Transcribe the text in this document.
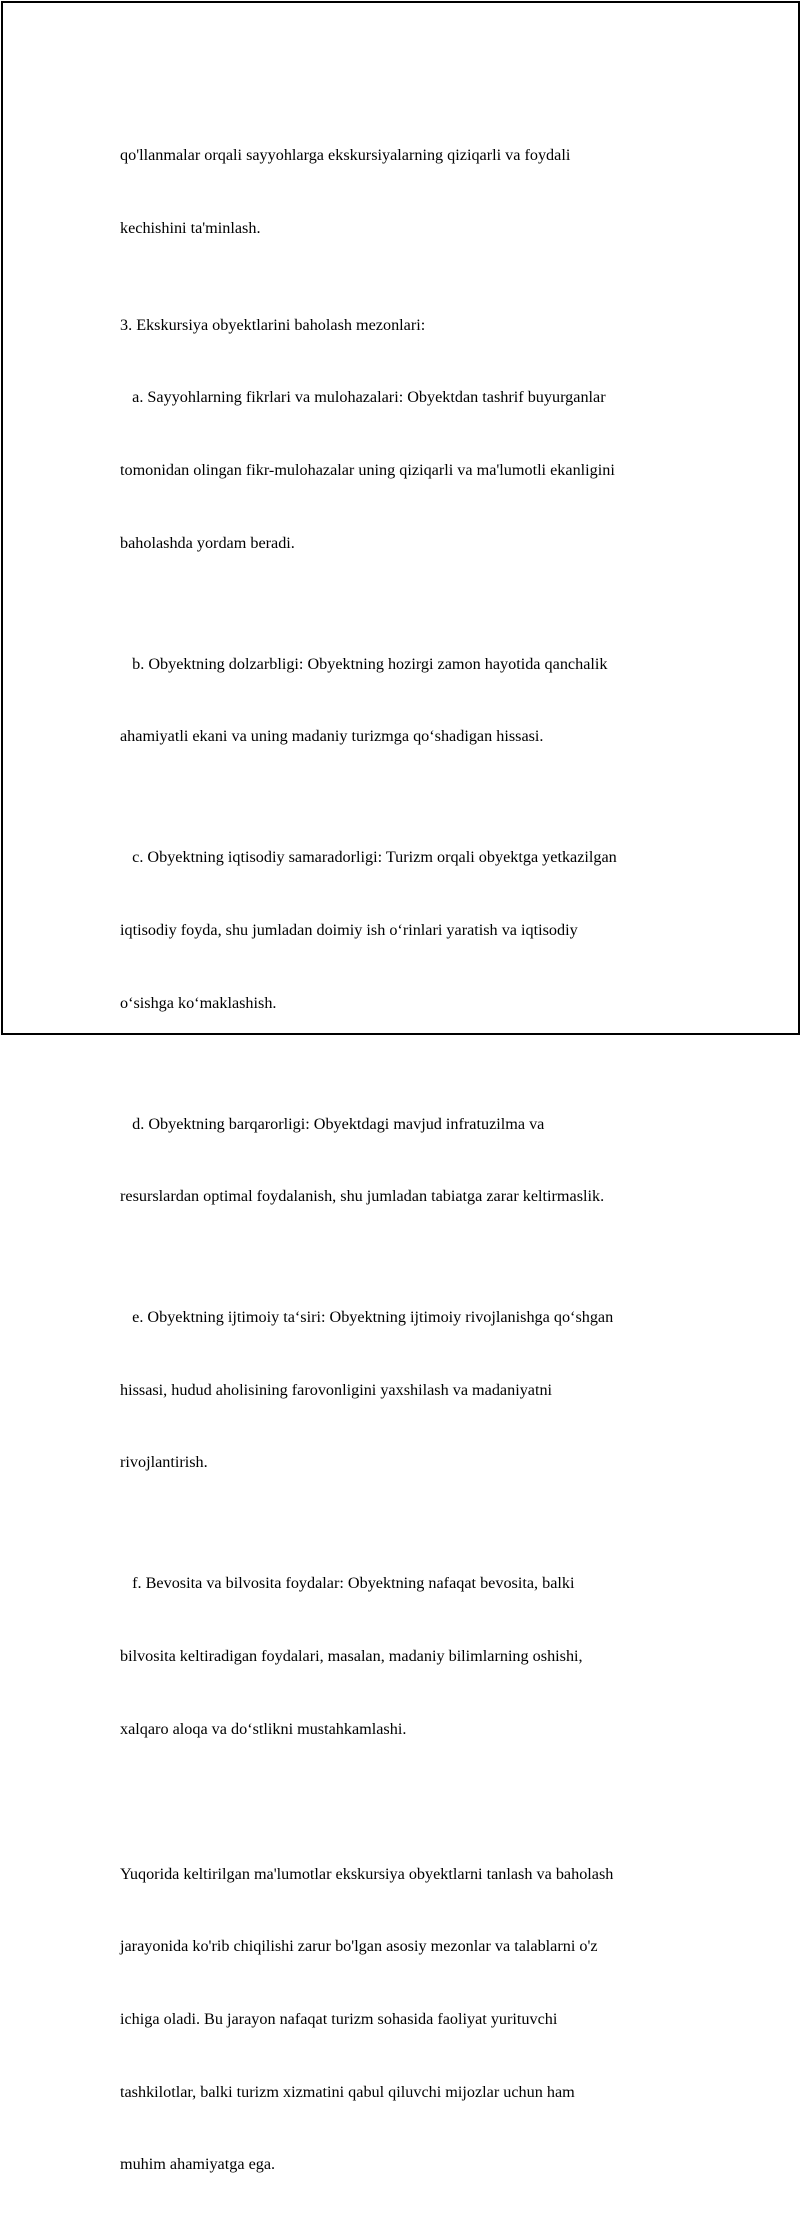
qo'llanmalar orqali sayyohlarga ekskursiyalarning qiziqarli va foydali

kechishini ta'minlash.

3. Ekskursiya obyektlarini baholash mezonlari:

a. Sayyohlarning fikrlari va mulohazalari: Obyektdan tashrif buyurganlar

tomonidan olingan fikr-mulohazalar uning qiziqarli va ma'lumotli ekanligini

baholashda yordam beradi.

b. Obyektning dolzarbligi: Obyektning hozirgi zamon hayotida qanchalik

ahamiyatli ekani va uning madaniy turizmga qo‘shadigan hissasi.

c. Obyektning iqtisodiy samaradorligi: Turizm orqali obyektga yetkazilgan

iqtisodiy foyda, shu jumladan doimiy ish o‘rinlari yaratish va iqtisodiy

o‘sishga ko‘maklashish.

d. Obyektning barqarorligi: Obyektdagi mavjud infratuzilma va

resurslardan optimal foydalanish, shu jumladan tabiatga zarar keltirmaslik.

e. Obyektning ijtimoiy ta‘siri: Obyektning ijtimoiy rivojlanishga qo‘shgan

hissasi, hudud aholisining farovonligini yaxshilash va madaniyatni

rivojlantirish.

f. Bevosita va bilvosita foydalar: Obyektning nafaqat bevosita, balki

bilvosita keltiradigan foydalari, masalan, madaniy bilimlarning oshishi,

xalqaro aloqa va do‘stlikni mustahkamlashi.

Yuqorida keltirilgan ma'lumotlar ekskursiya obyektlarni tanlash va baholash

jarayonida ko'rib chiqilishi zarur bo'lgan asosiy mezonlar va talablarni o'z

ichiga oladi. Bu jarayon nafaqat turizm sohasida faoliyat yurituvchi

tashkilotlar, balki turizm xizmatini qabul qiluvchi mijozlar uchun ham

muhim ahamiyatga ega.
